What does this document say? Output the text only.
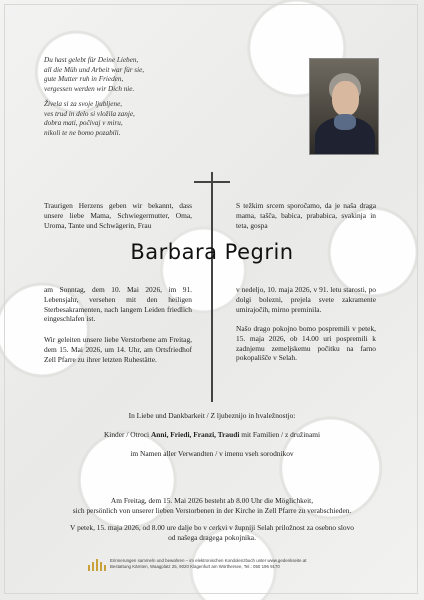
Du hast gelebt für Deine Lieben,
all die Müh und Arbeit war für sie,
gute Mutter ruh in Frieden,
vergessen werden wir Dich nie.
Živela si za svoje ljubljene,
ves trud in delo si vložila zanje,
dobra mati, počivaj v miru,
nikoli te ne bomo pozabili.
Traurigen Herzens geben wir bekannt, dass unsere liebe Mama, Schwiegermutter, Oma, Uroma, Tante und Schwägerin, Frau
S težkim srcem sporočamo, da je naša draga mama, tašča, babica, prababica, svakinja in teta, gospa
Barbara Pegrin
am Sonntag, dem 10. Mai 2026, im 91. Lebensjahr, versehen mit den heiligen Sterbesakramenten, nach langem Leiden friedlich eingeschlafen ist.
v nedeljo, 10. maja 2026, v 91. letu starosti, po dolgi bolezni, prejela svete zakramente umirajočih, mirno preminila.
Wir geleiten unsere liebe Verstorbene am Freitag, dem 15. Mai 2026, um 14. Uhr, am Ortsfriedhof Zell Pfarre zu ihrer letzten Ruhestätte.
Našo drago pokojno bomo pospremili v petek, 15. maja 2026, ob 14.00 uri pospremili k zadnjemu zemeljskemu počitku na farno pokopališče v Selah.
In Liebe und Dankbarkeit / Z ljubeznijo in hvaležnostjo:
Kinder / Otroci Anni, Friedi, Franzi, Traudi mit Familien / z družinami
im Namen aller Verwandten / v imenu vseh sorodnikov
Am Freitag, dem 15. Mai 2026 besteht ab 8.00 Uhr die Möglichkeit,
sich persönlich von unserer lieben Verstorbenen in der Kirche in Zell Pfarre zu verabschieden.
V petek, 15. maja 2026, od 8.00 ure dalje bo v cerkvi v župniji Selah priložnost za osebno slovo
od našega dragega pokojnika.
Erinnerungen sammeln und bewahren – im elektronischen Kondolenzbuch unter www.gedenkseite.at
Bestattung Kärnten, Waagplatz 25, 9020 Klagenfurt am Wörthersee, Tel.: 050 196 9170
